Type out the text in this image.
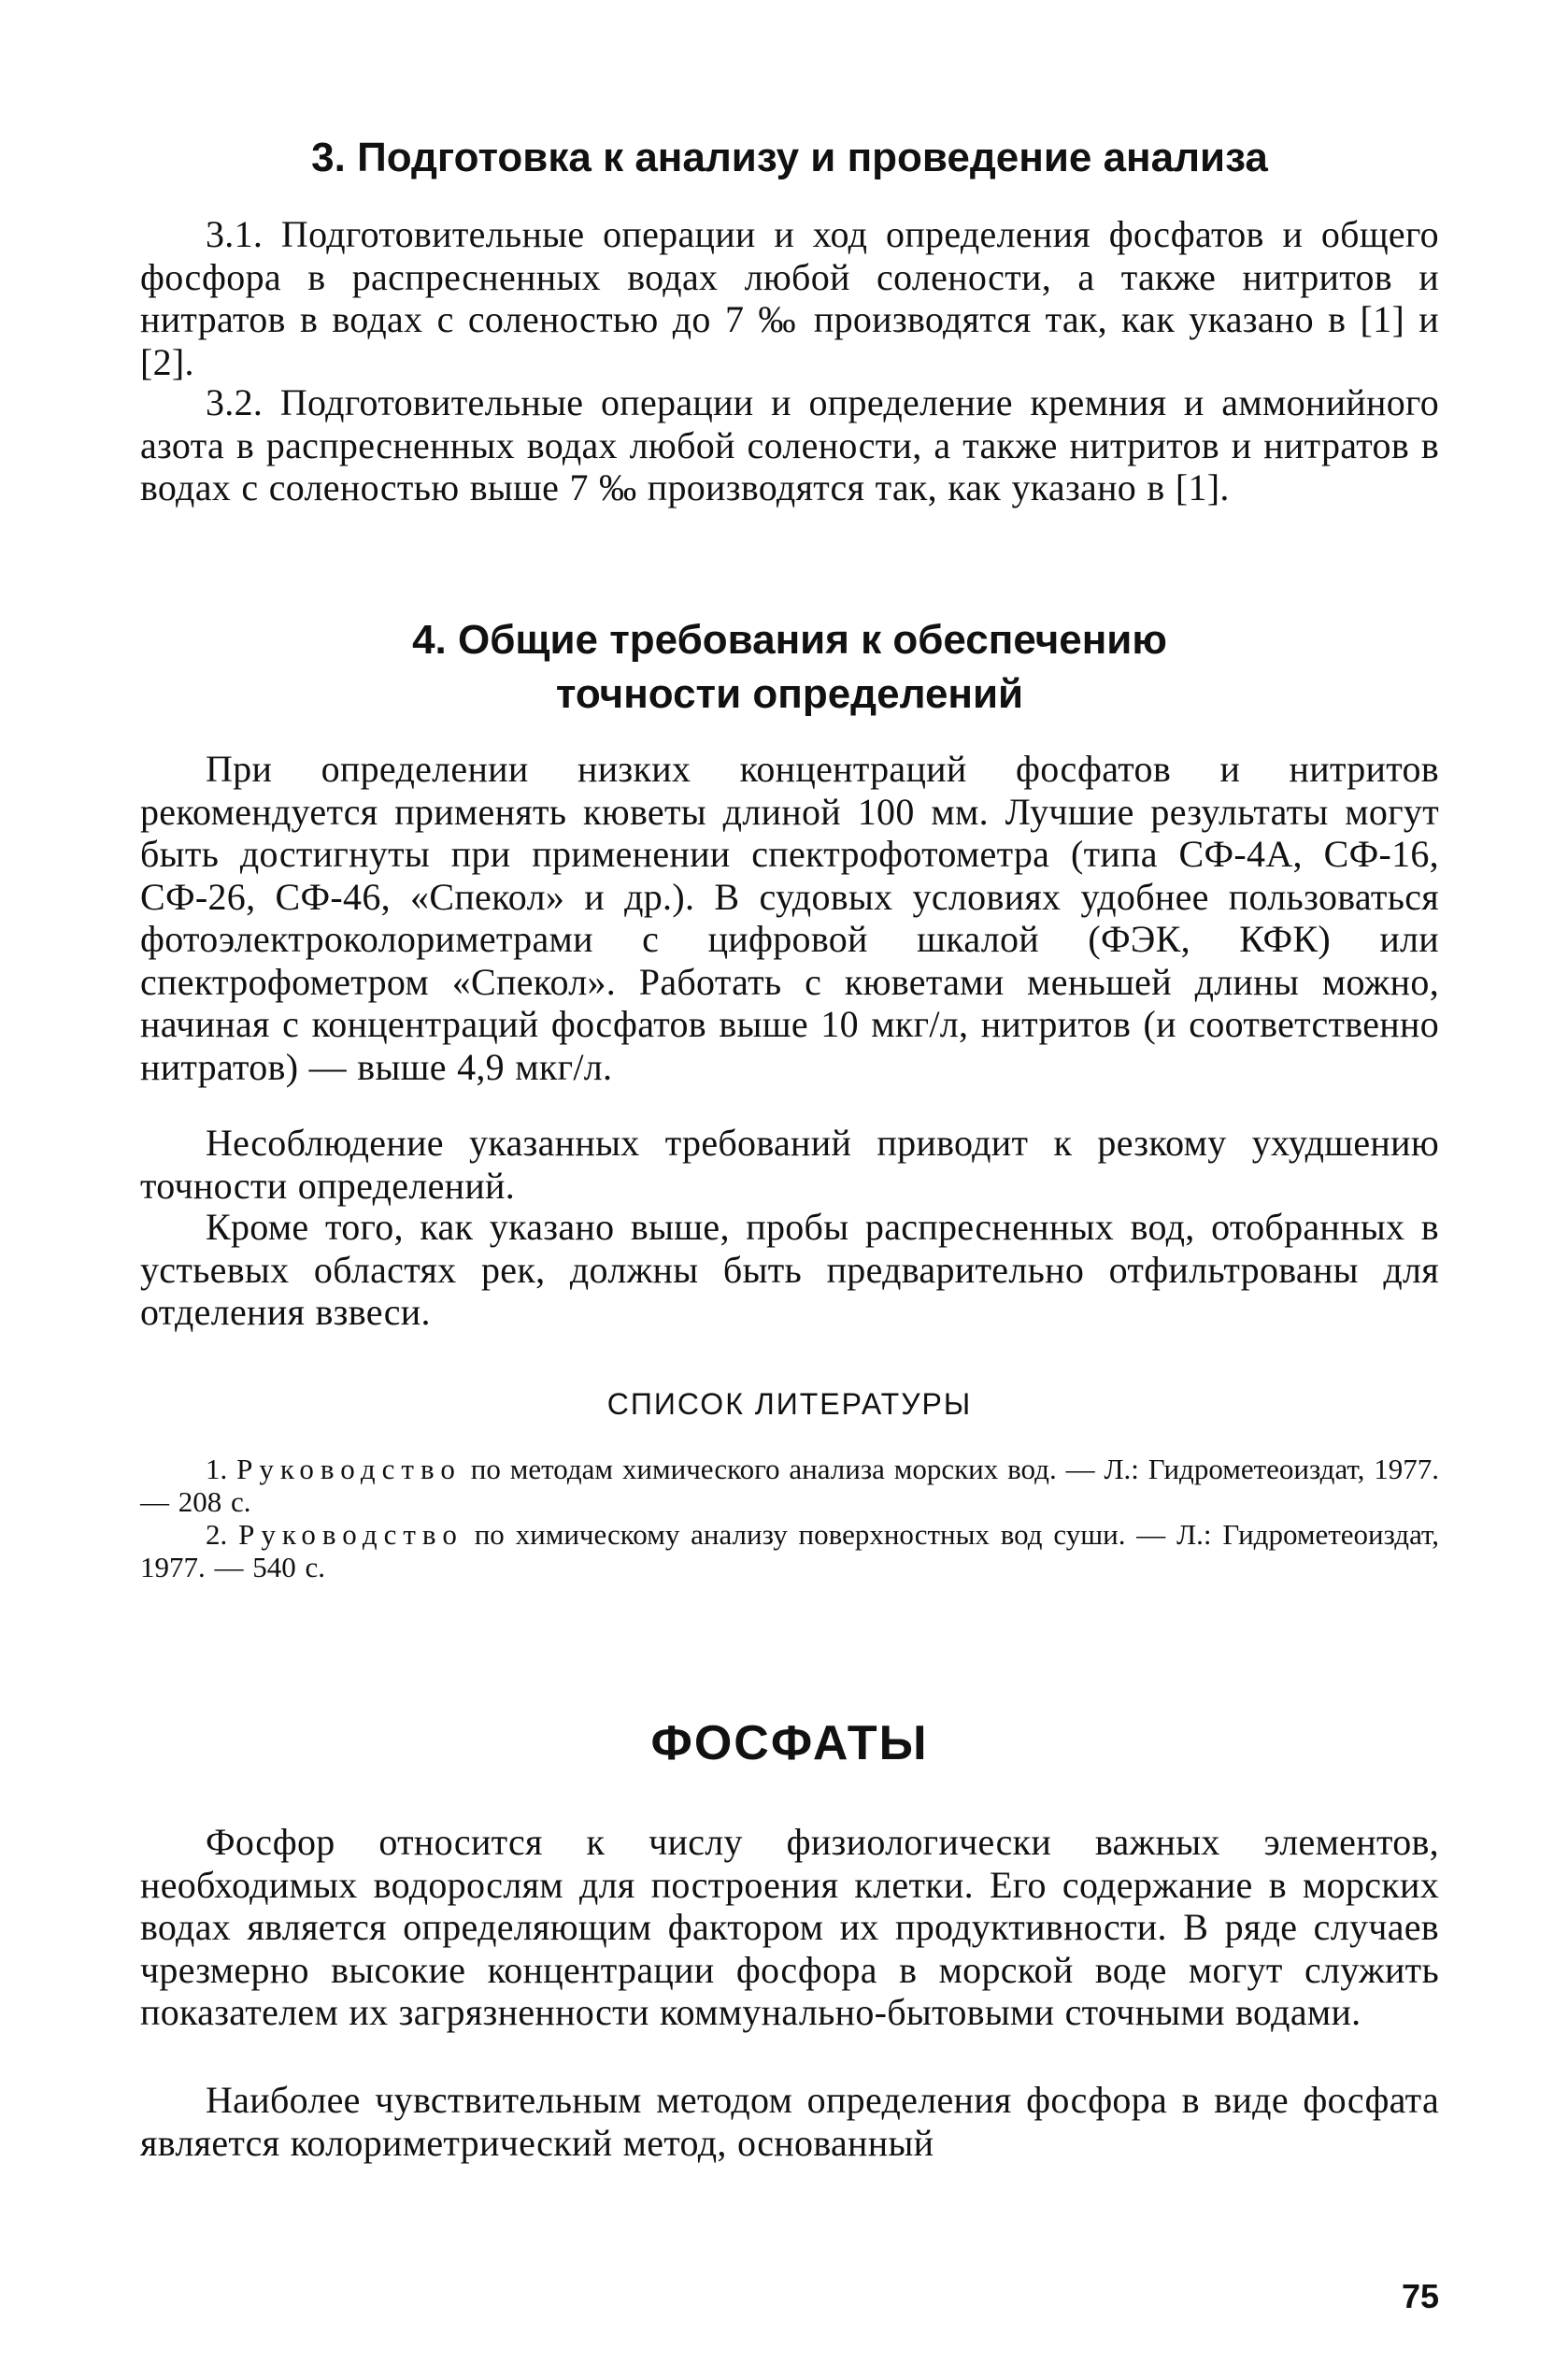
3. Подготовка к анализу и проведение анализа

3.1. Подготовительные операции и ход определения фосфатов и общего фосфора в распресненных водах любой солености, а также нитритов и нитратов в водах с соленостью до 7 ‰ производятся так, как указано в [1] и [2].

3.2. Подготовительные операции и определение кремния и аммонийного азота в распресненных водах любой солености, а также нитритов и нитратов в водах с соленостью выше 7 ‰ производятся так, как указано в [1].

4. Общие требования к обеспечению
точности определений

При определении низких концентраций фосфатов и нитритов рекомендуется применять кюветы длиной 100 мм. Лучшие результаты могут быть достигнуты при применении спектрофотометра (типа СФ-4А, СФ-16, СФ-26, СФ-46, «Спекол» и др.). В судовых условиях удобнее пользоваться фотоэлектроколориметрами с цифровой шкалой (ФЭК, КФК) или спектрофометром «Спекол». Работать с кюветами меньшей длины можно, начиная с концентраций фосфатов выше 10 мкг/л, нитритов (и соответственно нитратов) — выше 4,9 мкг/л.

Несоблюдение указанных требований приводит к резкому ухудшению точности определений.

Кроме того, как указано выше, пробы распресненных вод, отобранных в устьевых областях рек, должны быть предварительно отфильтрованы для отделения взвеси.

СПИСОК ЛИТЕРАТУРЫ

1. Руководство по методам химического анализа морских вод. — Л.: Гидрометеоиздат, 1977. — 208 с.

2. Руководство по химическому анализу поверхностных вод суши. — Л.: Гидрометеоиздат, 1977. — 540 с.

ФОСФАТЫ

Фосфор относится к числу физиологически важных элементов, необходимых водорослям для построения клетки. Его содержание в морских водах является определяющим фактором их продуктивности. В ряде случаев чрезмерно высокие концентрации фосфора в морской воде могут служить показателем их загрязненности коммунально-бытовыми сточными водами.

Наиболее чувствительным методом определения фосфора в виде фосфата является колориметрический метод, основанный

75
